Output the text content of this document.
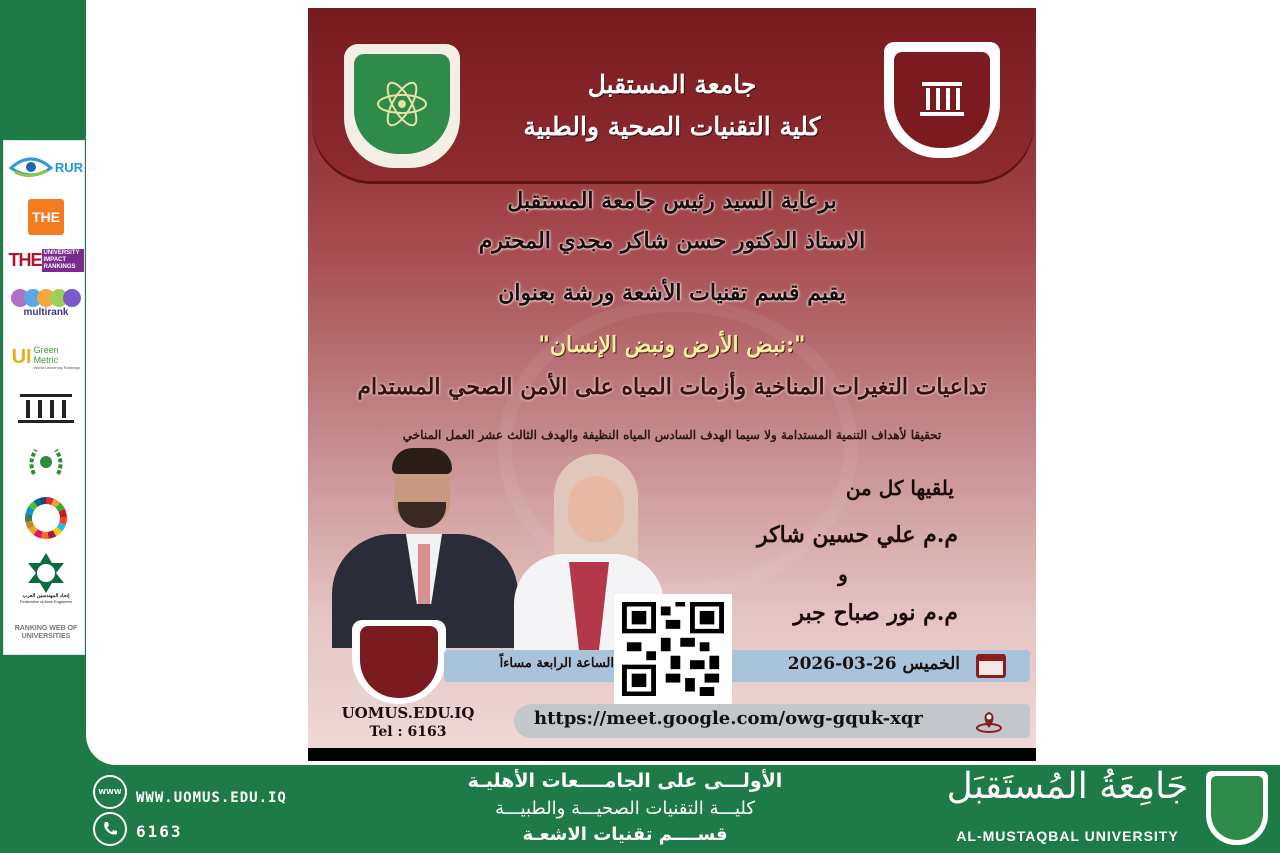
RUR
THE
THE UNIVERSITY IMPACT RANKINGS
multirank
UI Green Metric
World University Rankings
إتحاد المهندسين العرب
Federation of Arab Engineers
RANKING WEB OF UNIVERSITIES
جامعة المستقبل
كلية التقنيات الصحية والطبية
برعاية السيد رئيس جامعة المستقبل
الاستاذ الدكتور حسن شاكر مجدي المحترم
يقيم قسم تقنيات الأشعة ورشة بعنوان
"نبض الأرض ونبض الإنسان:"
تداعيات التغيرات المناخية وأزمات المياه على الأمن الصحي المستدام
تحقيقا لأهداف التنمية المستدامة ولا سيما الهدف السادس المياه النظيفة والهدف الثالث عشر العمل المناخي
يلقيها كل من
م.م علي حسين شاكر
و
م.م نور صباح جبر
الساعة الرابعة مساءاً	الخميس 26-03-2026
UOMUS.EDU.IQ
Tel : 6163
https://meet.google.com/owg-gquk-xqr
WWW WWW.UOMUS.EDU.IQ
6163
الأولـــى على الجامــــعات الأهليـة
كليـــة التقنيات الصحيـــة والطبيـــة
قســــم تقنيات الاشعـة
جَامِعَةُ المُستَقبَل
AL-MUSTAQBAL UNIVERSITY
